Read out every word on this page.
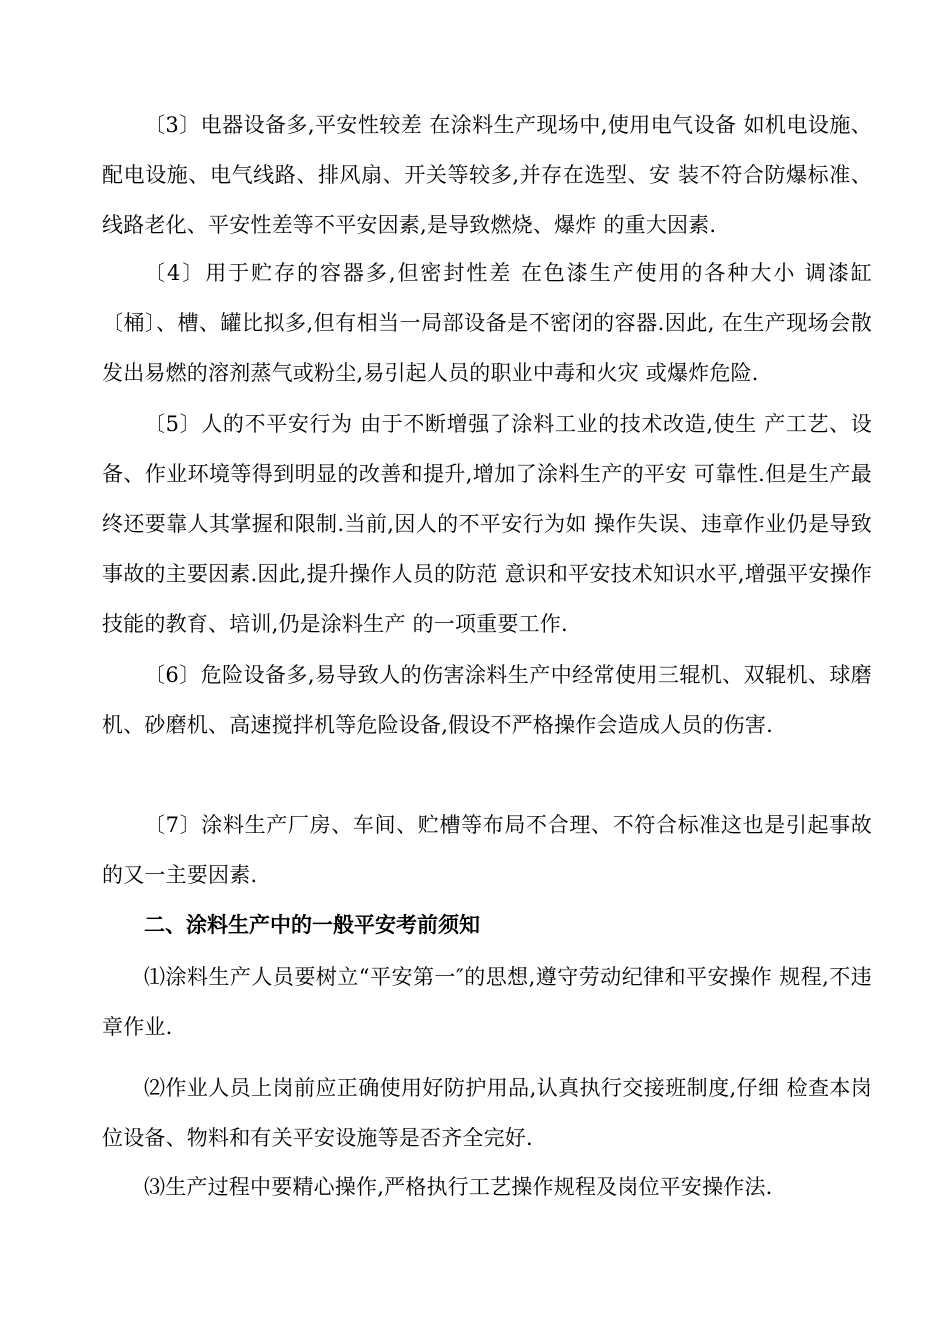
〔3〕电器设备多,平安性较差 在涂料生产现场中,使用电气设备 如机电设施、配电设施、电气线路、排风扇、开关等较多,并存在选型、安 装不符合防爆标准、线路老化、平安性差等不平安因素,是导致燃烧、爆炸 的重大因素.

〔4〕用于贮存的容器多,但密封性差 在色漆生产使用的各种大小 调漆缸〔桶〕、槽、罐比拟多,但有相当一局部设备是不密闭的容器.因此, 在生产现场会散发出易燃的溶剂蒸气或粉尘,易引起人员的职业中毒和火灾 或爆炸危险.

〔5〕人的不平安行为 由于不断增强了涂料工业的技术改造,使生 产工艺、设备、作业环境等得到明显的改善和提升,增加了涂料生产的平安 可靠性.但是生产最终还要靠人其掌握和限制.当前,因人的不平安行为如 操作失误、违章作业仍是导致事故的主要因素.因此,提升操作人员的防范 意识和平安技术知识水平,增强平安操作技能的教育、培训,仍是涂料生产 的一项重要工作.

〔6〕危险设备多,易导致人的伤害涂料生产中经常使用三辊机、双辊机、球磨机、砂磨机、高速搅拌机等危险设备,假设不严格操作会造成人员的伤害.

〔7〕涂料生产厂房、车间、贮槽等布局不合理、不符合标准这也是引起事故的又一主要因素.

二、涂料生产中的一般平安考前须知

⑴涂料生产人员要树立“平安第一″的思想,遵守劳动纪律和平安操作 规程,不违章作业.

⑵作业人员上岗前应正确使用好防护用品,认真执行交接班制度,仔细 检查本岗位设备、物料和有关平安设施等是否齐全完好.

⑶生产过程中要精心操作,严格执行工艺操作规程及岗位平安操作法.
